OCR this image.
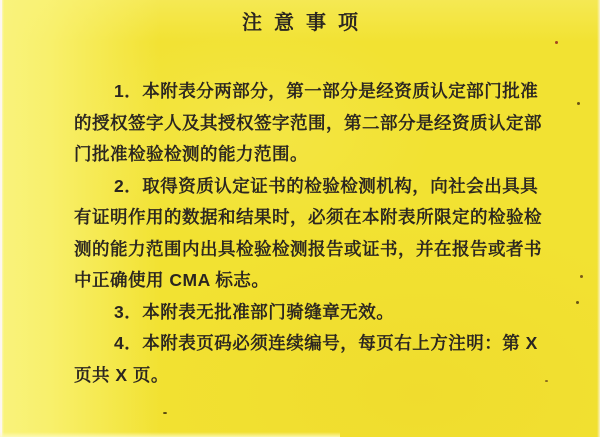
注意事项
1．本附表分两部分，第一部分是经资质认定部门批准
的授权签字人及其授权签字范围，第二部分是经资质认定部
门批准检验检测的能力范围。
2．取得资质认定证书的检验检测机构，向社会出具具
有证明作用的数据和结果时，必须在本附表所限定的检验检
测的能力范围内出具检验检测报告或证书，并在报告或者书
中正确使用 CMA 标志。
3．本附表无批准部门骑缝章无效。
4．本附表页码必须连续编号，每页右上方注明：第 X
页共 X 页。
